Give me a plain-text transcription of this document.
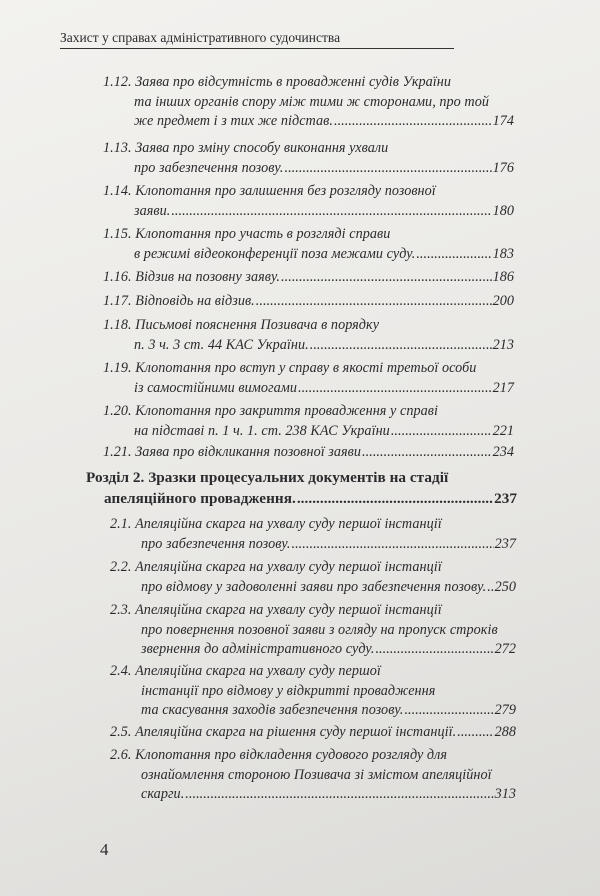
Захист у справах адміністративного судочинства
1.12. Заява про відсутність в провадженні судів України
та інших органів спору між тими ж сторонами, про той
же предмет і з тих же підстав. .....	174
1.13. Заява про зміну способу виконання ухвали
про забезпечення позову. .....	176
1.14. Клопотання про залишення без розгляду позовної
заяви. .....	180
1.15. Клопотання про участь в розгляді справи
в режимі відеоконференції поза межами суду. .....	183
1.16. Відзив на позовну заяву. .....	186
1.17. Відповідь на відзив. .....	200
1.18. Письмові пояснення Позивача в порядку
п. 3 ч. 3 ст. 44 КАС України. .....	213
1.19. Клопотання про вступ у справу в якості третьої особи
із самостійними вимогами .....	217
1.20. Клопотання про закриття провадження у справі
на підставі п. 1 ч. 1. ст. 238 КАС України .....	221
1.21. Заява про відкликання позовної заяви .....	234
Розділ 2. Зразки процесуальних документів на стадії
апеляційного провадження. .....	237
2.1. Апеляційна скарга на ухвалу суду першої інстанції
про забезпечення позову. .....	237
2.2. Апеляційна скарга на ухвалу суду першої інстанції
про відмову у задоволенні заяви про забезпечення позову. ..... 250
2.3. Апеляційна скарга на ухвалу суду першої інстанції
про повернення позовної заяви з огляду на пропуск строків
звернення до адміністративного суду. .....	272
2.4. Апеляційна скарга на ухвалу суду першої
інстанції про відмову у відкритті провадження
та скасування заходів забезпечення позову. .....	279
2.5. Апеляційна скарга на рішення суду першої інстанції. .....	288
2.6. Клопотання про відкладення судового розгляду для
ознайомлення стороною Позивача зі змістом апеляційної
скарги. .....	313
4
